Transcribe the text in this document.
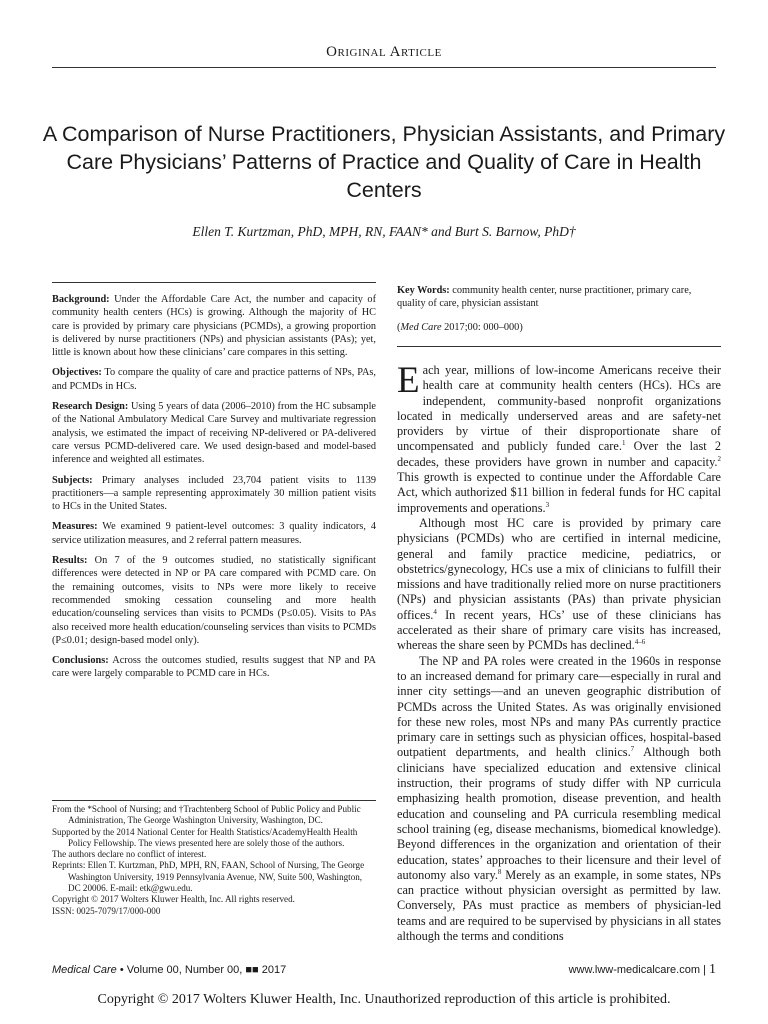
Original Article
A Comparison of Nurse Practitioners, Physician Assistants, and Primary Care Physicians’ Patterns of Practice and Quality of Care in Health Centers
Ellen T. Kurtzman, PhD, MPH, RN, FAAN* and Burt S. Barnow, PhD†

Background: Under the Affordable Care Act, the number and capacity of community health centers (HCs) is growing. Although the majority of HC care is provided by primary care physicians (PCMDs), a growing proportion is delivered by nurse practitioners (NPs) and physician assistants (PAs); yet, little is known about how these clinicians’ care compares in this setting.

Objectives: To compare the quality of care and practice patterns of NPs, PAs, and PCMDs in HCs.

Research Design: Using 5 years of data (2006–2010) from the HC subsample of the National Ambulatory Medical Care Survey and multivariate regression analysis, we estimated the impact of receiving NP-delivered or PA-delivered care versus PCMD-delivered care. We used design-based and model-based inference and weighted all estimates.

Subjects: Primary analyses included 23,704 patient visits to 1139 practitioners—a sample representing approximately 30 million patient visits to HCs in the United States.

Measures: We examined 9 patient-level outcomes: 3 quality indicators, 4 service utilization measures, and 2 referral pattern measures.

Results: On 7 of the 9 outcomes studied, no statistically significant differences were detected in NP or PA care compared with PCMD care. On the remaining outcomes, visits to NPs were more likely to receive recommended smoking cessation counseling and more health education/counseling services than visits to PCMDs (P≤0.05). Visits to PAs also received more health education/counseling services than visits to PCMDs (P≤0.01; design-based model only).

Conclusions: Across the outcomes studied, results suggest that NP and PA care were largely comparable to PCMD care in HCs.

From the *School of Nursing; and †Trachtenberg School of Public Policy and Public Administration, The George Washington University, Washington, DC.

Supported by the 2014 National Center for Health Statistics/AcademyHealth Health Policy Fellowship. The views presented here are solely those of the authors.

The authors declare no conflict of interest.

Reprints: Ellen T. Kurtzman, PhD, MPH, RN, FAAN, School of Nursing, The George Washington University, 1919 Pennsylvania Avenue, NW, Suite 500, Washington, DC 20006. E-mail: etk@gwu.edu.

Copyright © 2017 Wolters Kluwer Health, Inc. All rights reserved.

ISSN: 0025-7079/17/000-000

Key Words: community health center, nurse practitioner, primary care, quality of care, physician assistant

(Med Care 2017;00: 000–000)

Each year, millions of low-income Americans receive their health care at community health centers (HCs). HCs are independent, community-based nonprofit organizations located in medically underserved areas and are safety-net providers by virtue of their disproportionate share of uncompensated and publicly funded care.$^1$ Over the last 2 decades, these providers have grown in number and capacity.$^2$ This growth is expected to continue under the Affordable Care Act, which authorized $11 billion in federal funds for HC capital improvements and operations.$^3$

Although most HC care is provided by primary care physicians (PCMDs) who are certified in internal medicine, general and family practice medicine, pediatrics, or obstetrics/gynecology, HCs use a mix of clinicians to fulfill their missions and have traditionally relied more on nurse practitioners (NPs) and physician assistants (PAs) than private physician offices.$^4$ In recent years, HCs’ use of these clinicians has accelerated as their share of primary care visits has increased, whereas the share seen by PCMDs has declined.$^{4-6}$

The NP and PA roles were created in the 1960s in response to an increased demand for primary care—especially in rural and inner city settings—and an uneven geographic distribution of PCMDs across the United States. As was originally envisioned for these new roles, most NPs and many PAs currently practice primary care in settings such as physician offices, hospital-based outpatient departments, and health clinics.$^7$ Although both clinicians have specialized education and extensive clinical instruction, their programs of study differ with NP curricula emphasizing health promotion, disease prevention, and health education and counseling and PA curricula resembling medical school training (eg, disease mechanisms, biomedical knowledge). Beyond differences in the organization and orientation of their education, states’ approaches to their licensure and their level of autonomy also vary.$^8$ Merely as an example, in some states, NPs can practice without physician oversight as permitted by law. Conversely, PAs must practice as members of physician-led teams and are required to be supervised by physicians in all states although the terms and conditions

Medical Care • Volume 00, Number 00, ■■ 2017	www.lww-medicalcare.com | 1
Copyright © 2017 Wolters Kluwer Health, Inc. Unauthorized reproduction of this article is prohibited.
